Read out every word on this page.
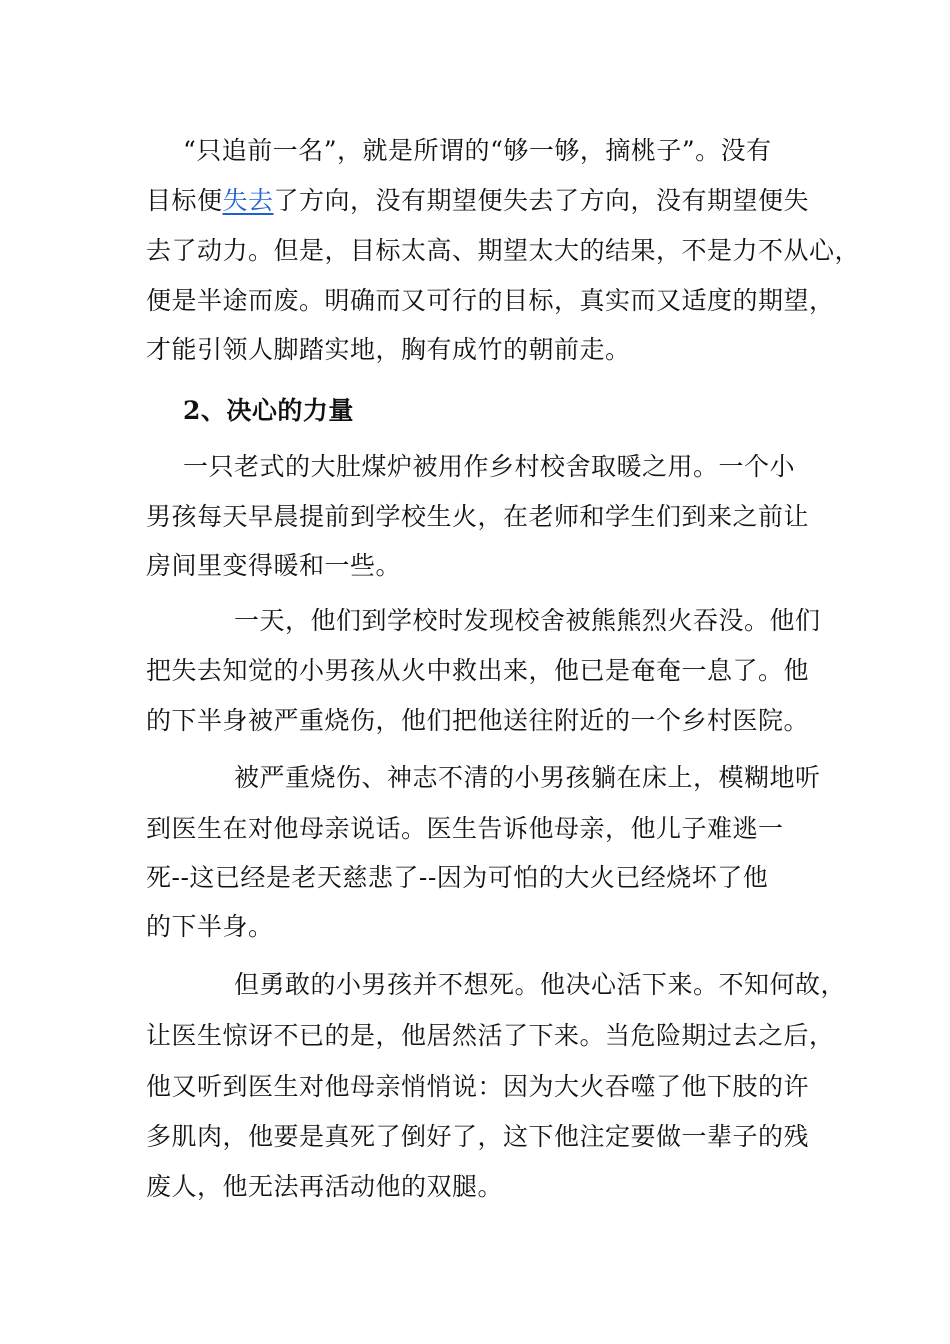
“只追前一名”，就是所谓的“够一够，摘桃子”。没有
目标便失去了方向，没有期望便失去了方向，没有期望便失
去了动力。但是，目标太高、期望太大的结果，不是力不从心，
便是半途而废。明确而又可行的目标，真实而又适度的期望，
才能引领人脚踏实地，胸有成竹的朝前走。
2、决心的力量
一只老式的大肚煤炉被用作乡村校舍取暖之用。一个小
男孩每天早晨提前到学校生火，在老师和学生们到来之前让
房间里变得暖和一些。
一天，他们到学校时发现校舍被熊熊烈火吞没。他们
把失去知觉的小男孩从火中救出来，他已是奄奄一息了。他
的下半身被严重烧伤，他们把他送往附近的一个乡村医院。
被严重烧伤、神志不清的小男孩躺在床上，模糊地听
到医生在对他母亲说话。医生告诉他母亲，他儿子难逃一
死--这已经是老天慈悲了--因为可怕的大火已经烧坏了他
的下半身。
但勇敢的小男孩并不想死。他决心活下来。不知何故，
让医生惊讶不已的是，他居然活了下来。当危险期过去之后，
他又听到医生对他母亲悄悄说：因为大火吞噬了他下肢的许
多肌肉，他要是真死了倒好了，这下他注定要做一辈子的残
废人，他无法再活动他的双腿。
